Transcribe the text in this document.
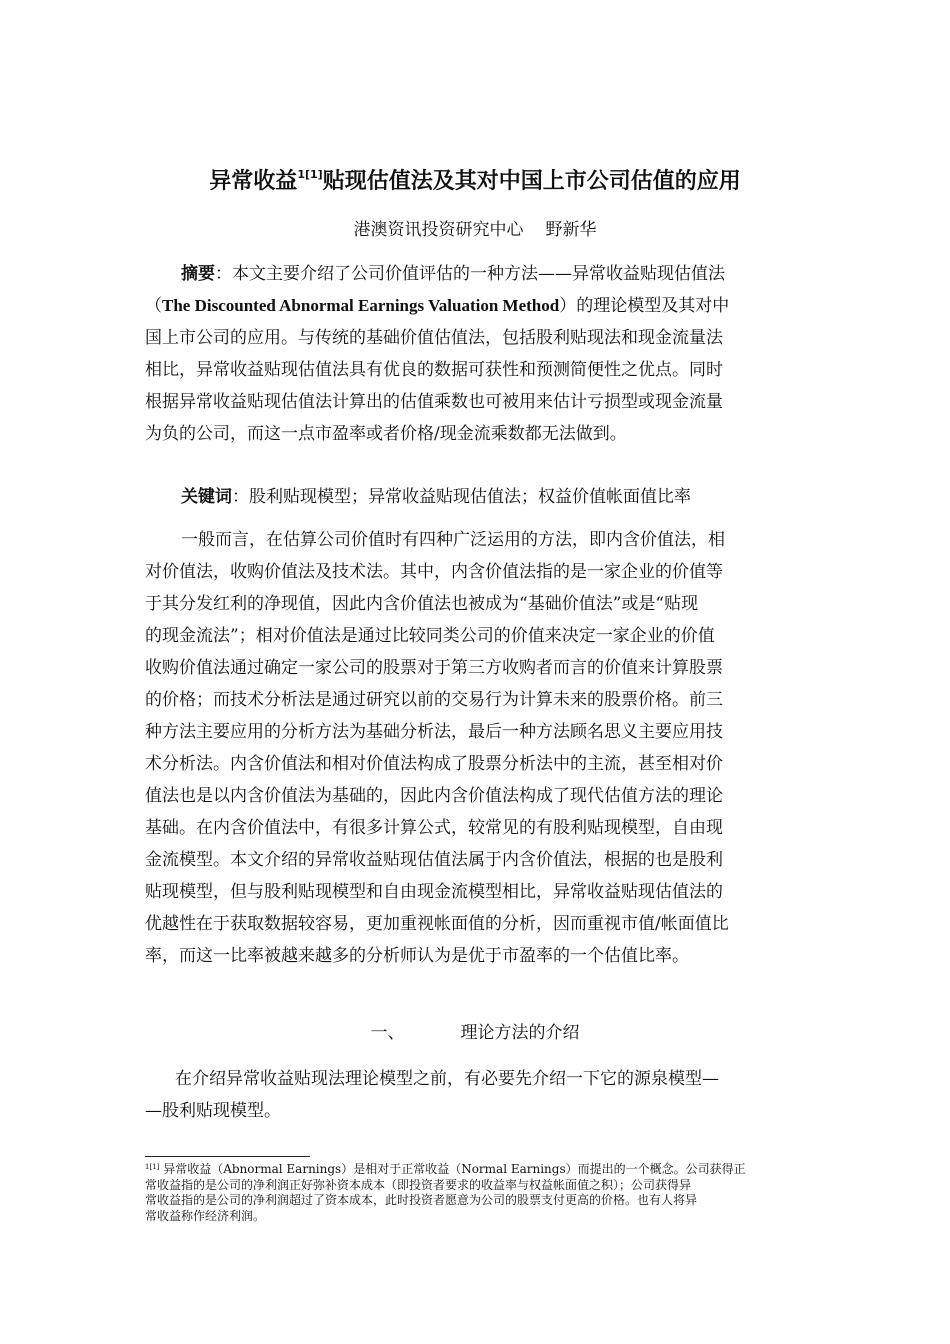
异常收益$^{1[1]}$贴现估值法及其对中国上市公司估值的应用
港澳资讯投资研究中心 野新华
摘要：本文主要介绍了公司价值评估的一种方法——异常收益贴现估值法
（The Discounted Abnormal Earnings Valuation Method）的理论模型及其对中
国上市公司的应用。与传统的基础价值估值法，包括股利贴现法和现金流量法
相比，异常收益贴现估值法具有优良的数据可获性和预测简便性之优点。同时
根据异常收益贴现估值法计算出的估值乘数也可被用来估计亏损型或现金流量
为负的公司，而这一点市盈率或者价格/现金流乘数都无法做到。
关键词：股利贴现模型；异常收益贴现估值法；权益价值帐面值比率
一般而言，在估算公司价值时有四种广泛运用的方法，即内含价值法，相
对价值法，收购价值法及技术法。其中，内含价值法指的是一家企业的价值等
于其分发红利的净现值，因此内含价值法也被成为“基础价值法”或是“贴现
的现金流法”；相对价值法是通过比较同类公司的价值来决定一家企业的价值
收购价值法通过确定一家公司的股票对于第三方收购者而言的价值来计算股票
的价格；而技术分析法是通过研究以前的交易行为计算未来的股票价格。前三
种方法主要应用的分析方法为基础分析法，最后一种方法顾名思义主要应用技
术分析法。内含价值法和相对价值法构成了股票分析法中的主流，甚至相对价
值法也是以内含价值法为基础的，因此内含价值法构成了现代估值方法的理论
基础。在内含价值法中，有很多计算公式，较常见的有股利贴现模型，自由现
金流模型。本文介绍的异常收益贴现估值法属于内含价值法，根据的也是股利
贴现模型，但与股利贴现模型和自由现金流模型相比，异常收益贴现估值法的
优越性在于获取数据较容易，更加重视帐面值的分析，因而重视市值/帐面值比
率，而这一比率被越来越多的分析师认为是优于市盈率的一个估值比率。
一、	理论方法的介绍
在介绍异常收益贴现法理论模型之前，有必要先介绍一下它的源泉模型—
—股利贴现模型。
$^{1[1]}$ 异常收益（Abnormal Earnings）是相对于正常收益（Normal Earnings）而提出的一个概念。公司获得正
常收益指的是公司的净利润正好弥补资本成本（即投资者要求的收益率与权益帐面值之积）；公司获得异
常收益指的是公司的净利润超过了资本成本，此时投资者愿意为公司的股票支付更高的价格。也有人将异
常收益称作经济利润。
